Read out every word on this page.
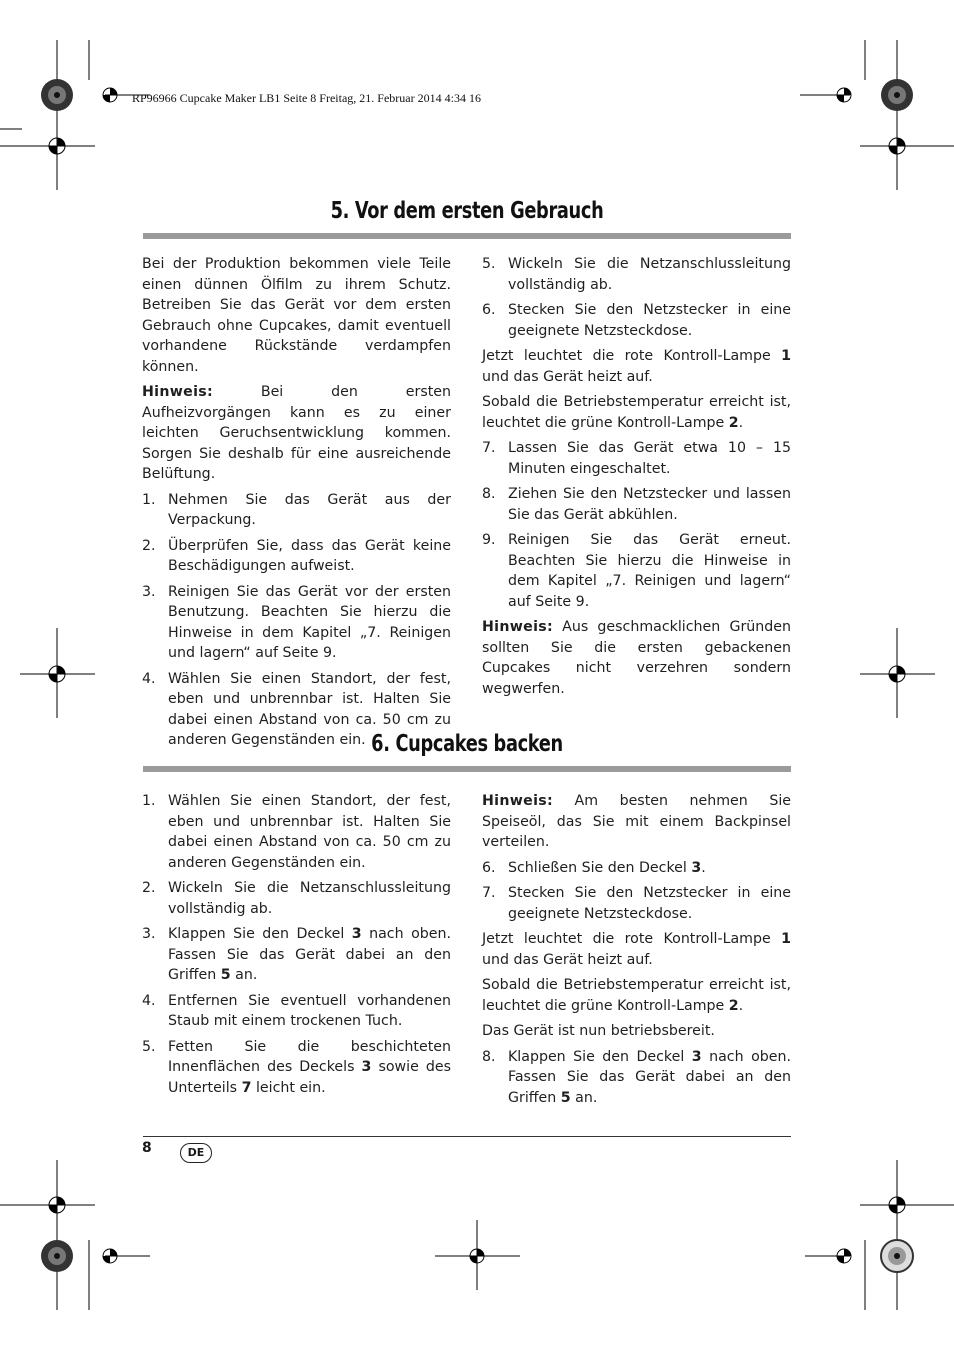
RP96966 Cupcake Maker LB1 Seite 8 Freitag, 21. Februar 2014 4:34 16
5. Vor dem ersten Gebrauch

Bei der Produktion bekommen viele Teile einen dünnen Ölfilm zu ihrem Schutz. Betreiben Sie das Gerät vor dem ersten Gebrauch ohne Cupcakes, damit eventuell vorhandene Rückstände verdampfen können.

Hinweis: Bei den ersten Aufheizvorgängen kann es zu einer leichten Geruchsentwicklung kommen. Sorgen Sie deshalb für eine ausreichende Belüftung.

1. Nehmen Sie das Gerät aus der Verpackung.
2. Überprüfen Sie, dass das Gerät keine Beschädigungen aufweist.
3. Reinigen Sie das Gerät vor der ersten Benutzung. Beachten Sie hierzu die Hinweise in dem Kapitel „7. Reinigen und lagern“ auf Seite 9.
4. Wählen Sie einen Standort, der fest, eben und unbrennbar ist. Halten Sie dabei einen Abstand von ca. 50 cm zu anderen Gegenständen ein.
5. Wickeln Sie die Netzanschlussleitung vollständig ab.
6. Stecken Sie den Netzstecker in eine geeignete Netzsteckdose.

Jetzt leuchtet die rote Kontroll-Lampe 1 und das Gerät heizt auf.

Sobald die Betriebstemperatur erreicht ist, leuchtet die grüne Kontroll-Lampe 2.

7. Lassen Sie das Gerät etwa 10 – 15 Minuten eingeschaltet.
8. Ziehen Sie den Netzstecker und lassen Sie das Gerät abkühlen.
9. Reinigen Sie das Gerät erneut. Beachten Sie hierzu die Hinweise in dem Kapitel „7. Reinigen und lagern“ auf Seite 9.

Hinweis: Aus geschmacklichen Gründen sollten Sie die ersten gebackenen Cupcakes nicht verzehren sondern wegwerfen.

6. Cupcakes backen
1. Wählen Sie einen Standort, der fest, eben und unbrennbar ist. Halten Sie dabei einen Abstand von ca. 50 cm zu anderen Gegenständen ein.
2. Wickeln Sie die Netzanschlussleitung vollständig ab.
3. Klappen Sie den Deckel 3 nach oben. Fassen Sie das Gerät dabei an den Griffen 5 an.
4. Entfernen Sie eventuell vorhandenen Staub mit einem trockenen Tuch.
5. Fetten Sie die beschichteten Innenflächen des Deckels 3 sowie des Unterteils 7 leicht ein.

Hinweis: Am besten nehmen Sie Speiseöl, das Sie mit einem Backpinsel verteilen.

6. Schließen Sie den Deckel 3.
7. Stecken Sie den Netzstecker in eine geeignete Netzsteckdose.

Jetzt leuchtet die rote Kontroll-Lampe 1 und das Gerät heizt auf.

Sobald die Betriebstemperatur erreicht ist, leuchtet die grüne Kontroll-Lampe 2.

Das Gerät ist nun betriebsbereit.

8. Klappen Sie den Deckel 3 nach oben. Fassen Sie das Gerät dabei an den Griffen 5 an.
8	DE
